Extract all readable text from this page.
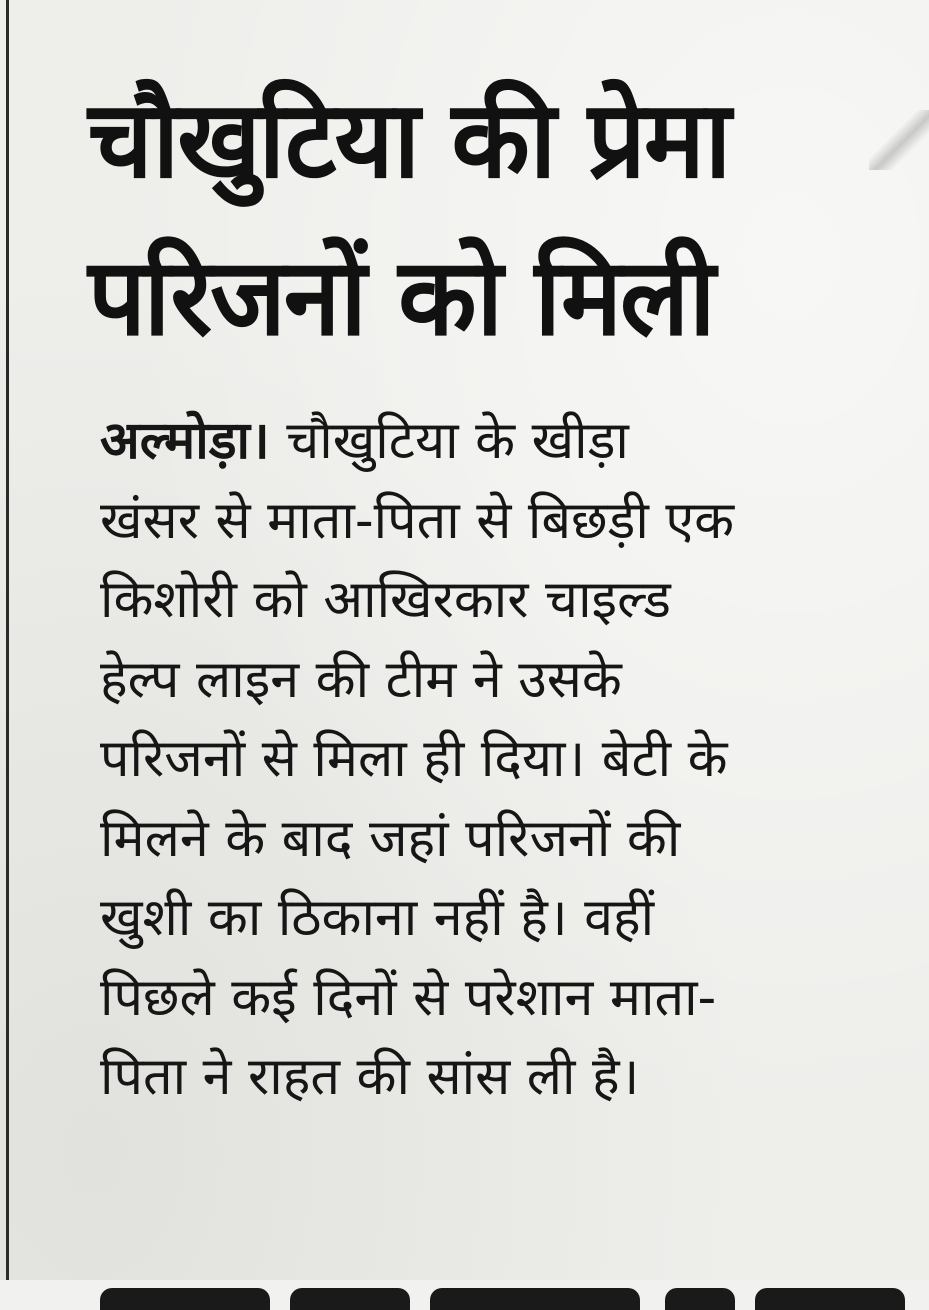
चौखुटिया की प्रेमा
परिजनों को मिली
अल्मोड़ा। चौखुटिया के खीड़ा
खंसर से माता-पिता से बिछड़ी एक
किशोरी को आखिरकार चाइल्ड
हेल्प लाइन की टीम ने उसके
परिजनों से मिला ही दिया। बेटी के
मिलने के बाद जहां परिजनों की
खुशी का ठिकाना नहीं है। वहीं
पिछले कई दिनों से परेशान माता-
पिता ने राहत की सांस ली है।
